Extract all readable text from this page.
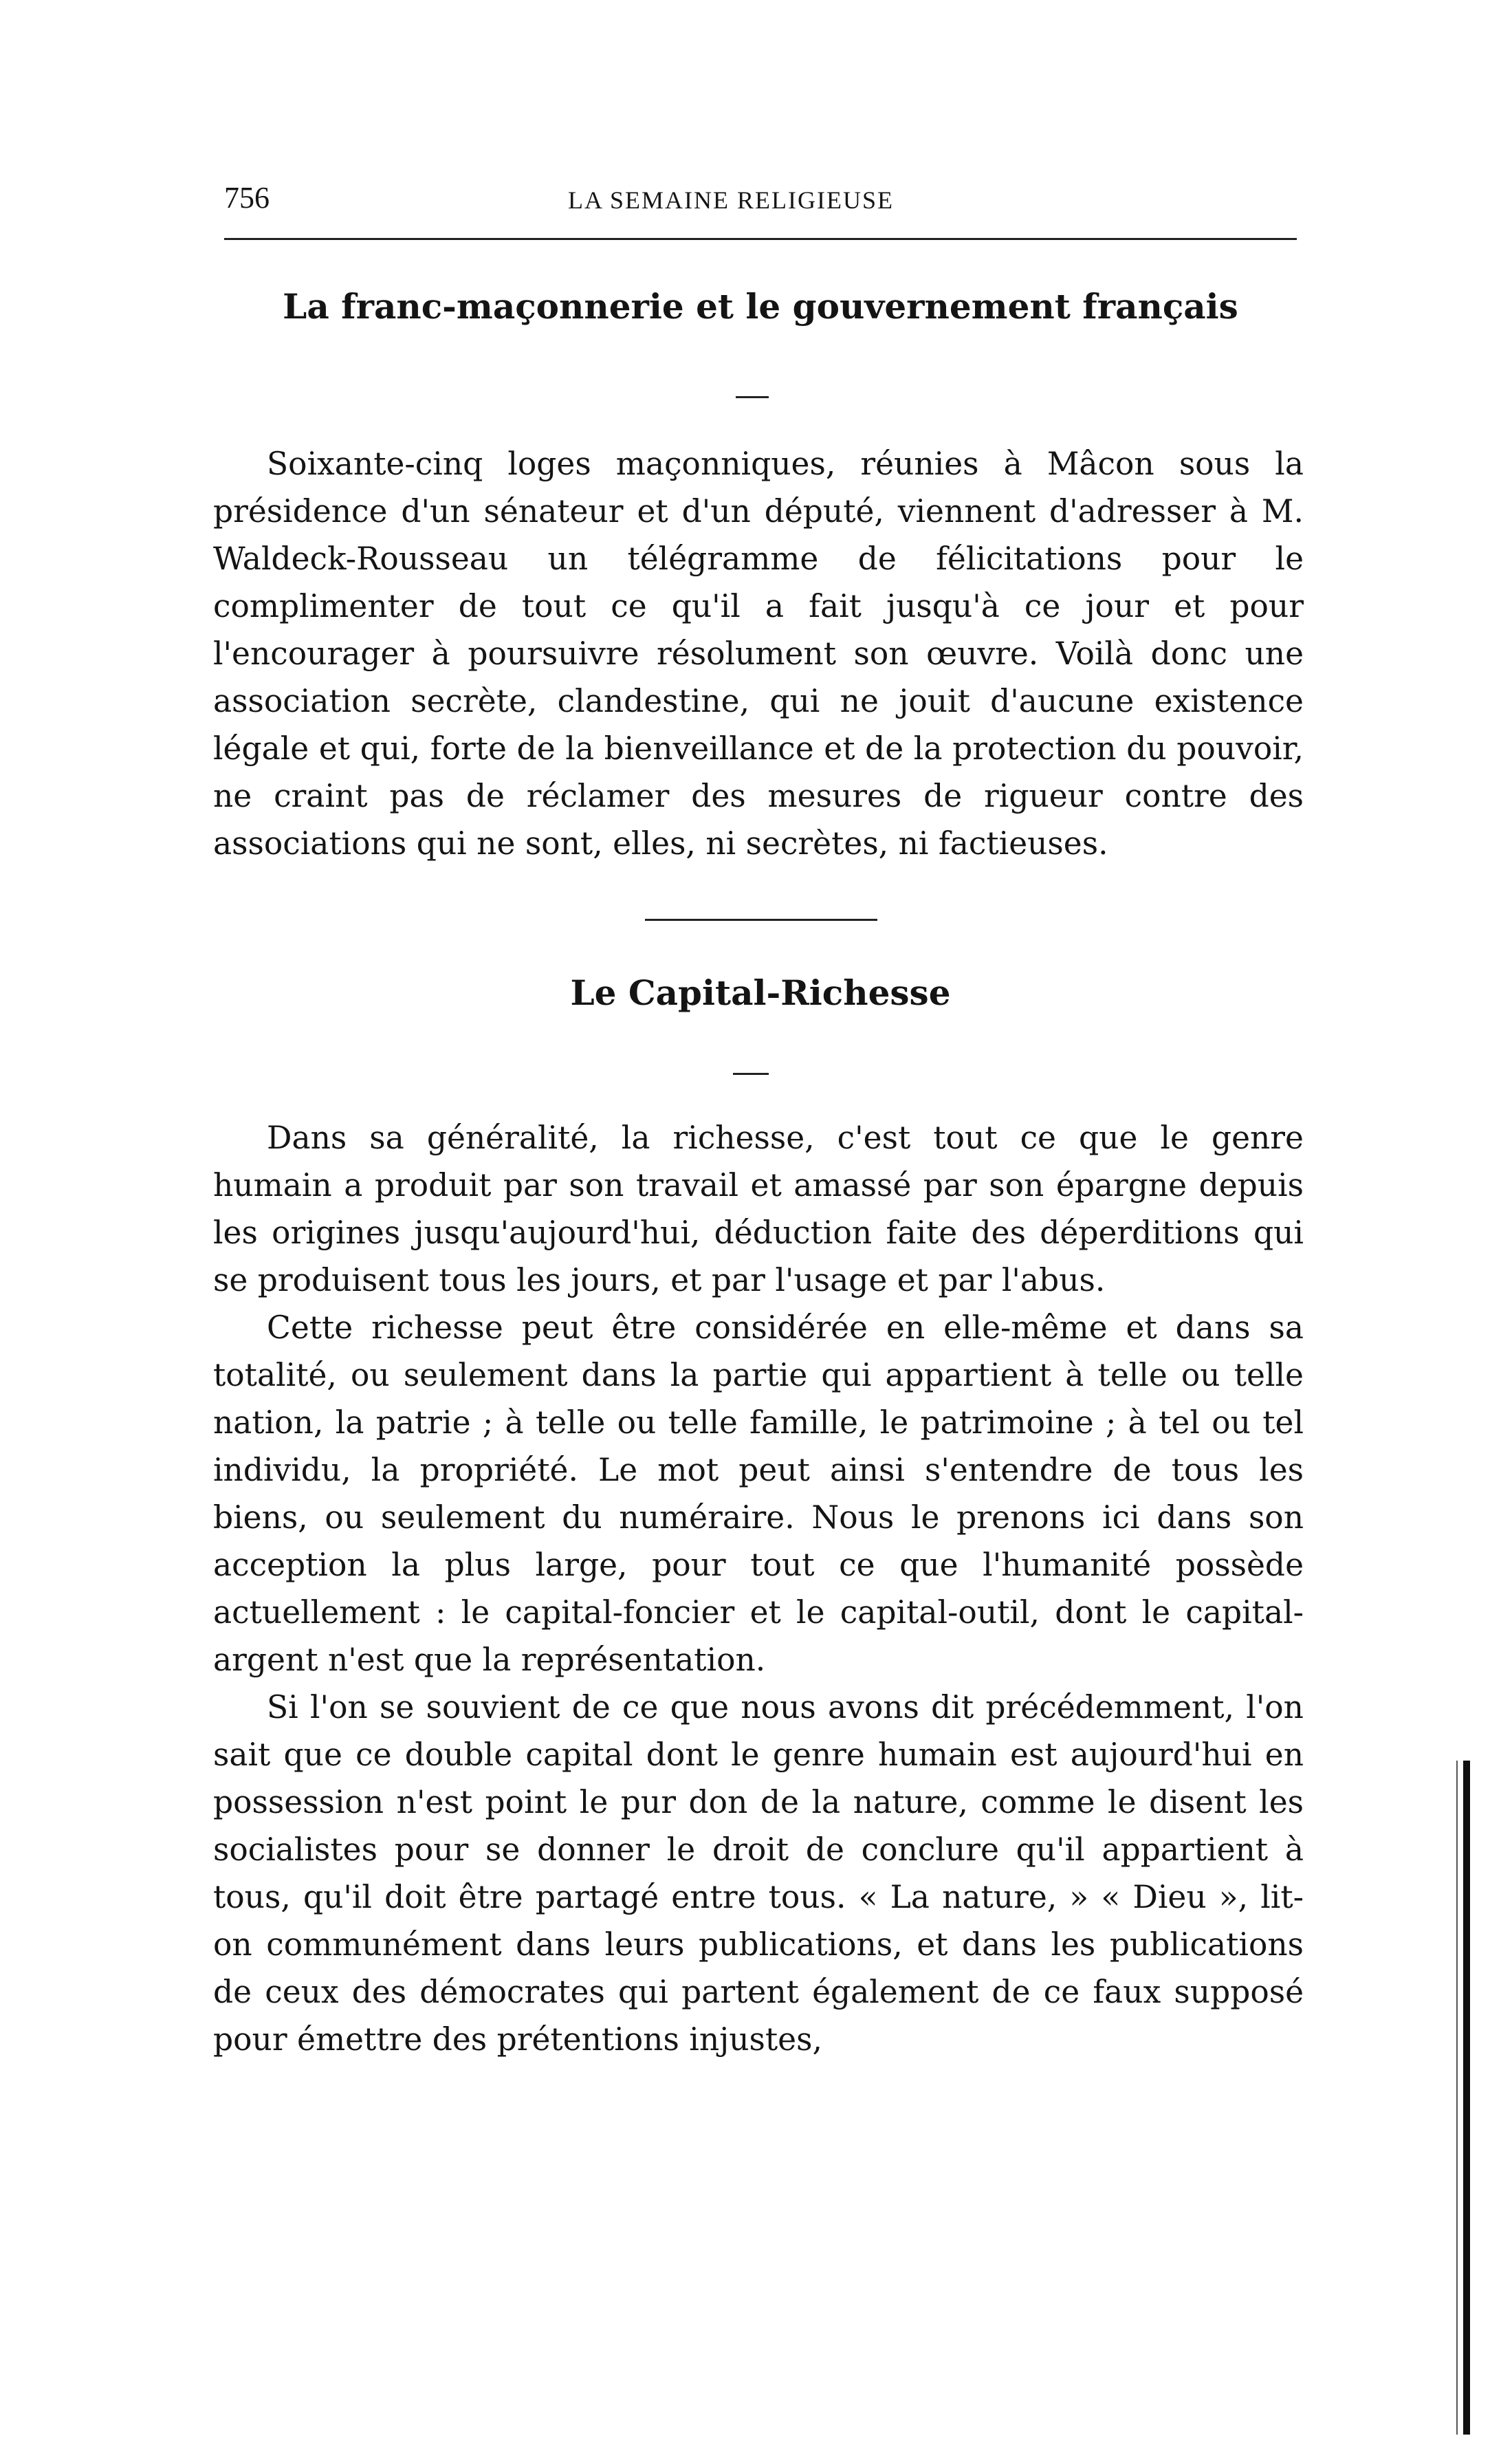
756	LA SEMAINE RELIGIEUSE
La franc-maçonnerie et le gouvernement français

Soixante-cinq loges maçonniques, réunies à Mâcon sous la présidence d'un sénateur et d'un député, viennent d'adresser à M. Waldeck-Rousseau un télégramme de félicitations pour le complimenter de tout ce qu'il a fait jusqu'à ce jour et pour l'encourager à poursuivre résolument son œuvre. Voilà donc une association secrète, clandestine, qui ne jouit d'aucune existence légale et qui, forte de la bienveillance et de la protection du pouvoir, ne craint pas de réclamer des mesures de rigueur contre des associations qui ne sont, elles, ni secrètes, ni factieuses.

Le Capital-Richesse

Dans sa généralité, la richesse, c'est tout ce que le genre humain a produit par son travail et amassé par son épargne depuis les origines jusqu'aujourd'hui, déduction faite des déperditions qui se produisent tous les jours, et par l'usage et par l'abus.

Cette richesse peut être considérée en elle-même et dans sa totalité, ou seulement dans la partie qui appartient à telle ou telle nation, la patrie ; à telle ou telle famille, le patrimoine ; à tel ou tel individu, la propriété. Le mot peut ainsi s'entendre de tous les biens, ou seulement du numéraire. Nous le prenons ici dans son acception la plus large, pour tout ce que l'humanité possède actuellement : le capital-foncier et le capital-outil, dont le capital-argent n'est que la représentation.

Si l'on se souvient de ce que nous avons dit précédemment, l'on sait que ce double capital dont le genre humain est aujourd'hui en possession n'est point le pur don de la nature, comme le disent les socialistes pour se donner le droit de conclure qu'il appartient à tous, qu'il doit être partagé entre tous. « La nature, » « Dieu », lit-on communément dans leurs publications, et dans les publications de ceux des démocrates qui partent également de ce faux supposé pour émettre des prétentions injustes,
